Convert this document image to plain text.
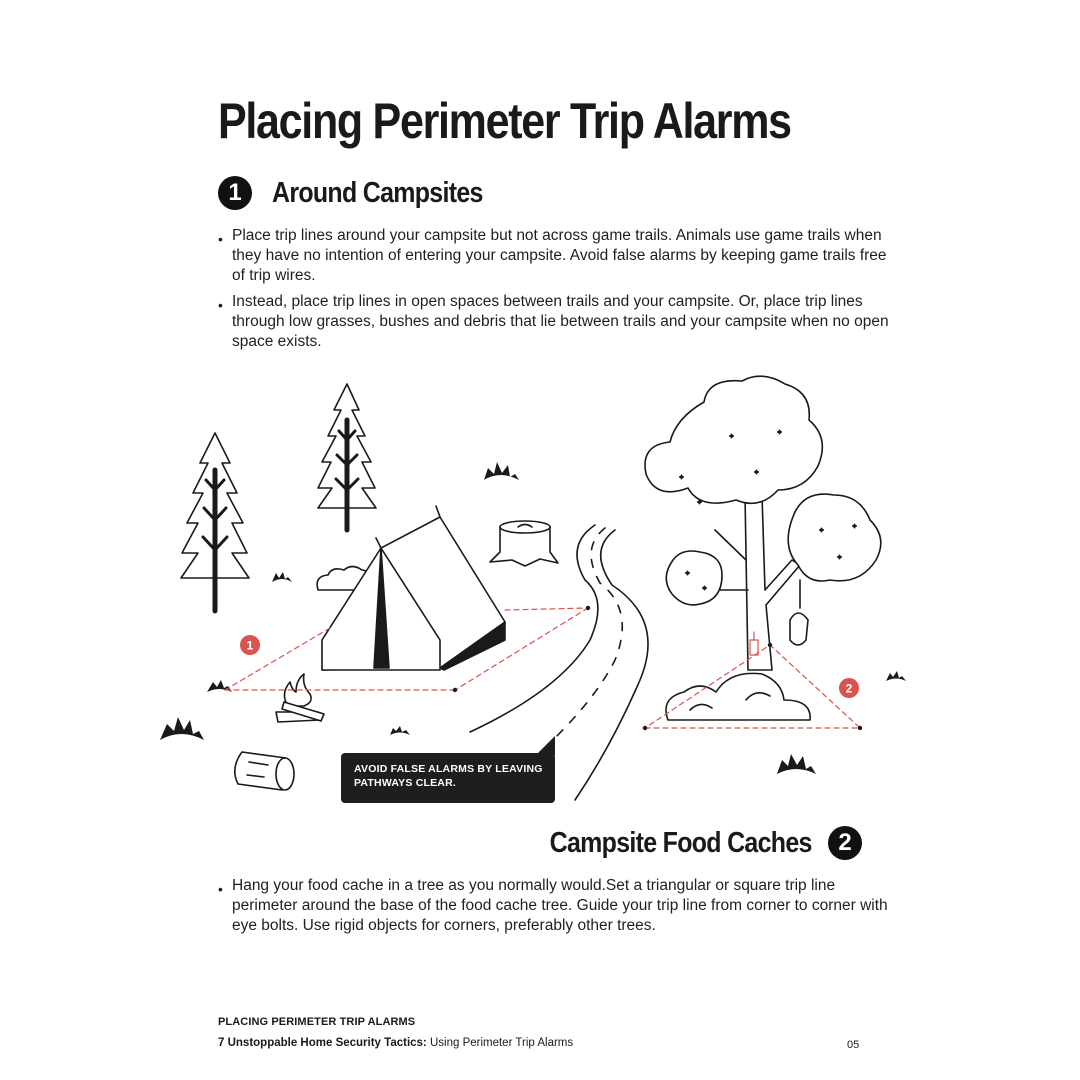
Placing Perimeter Trip Alarms
1	Around Campsites
• Place trip lines around your campsite but not across game trails. Animals use game trails when they have no intention of entering your campsite. Avoid false alarms by keeping game trails free of trip wires.
• Instead, place trip lines in open spaces between trails and your campsite. Or, place trip lines through low grasses, bushes and debris that lie between trails and your campsite when no open space exists.
1
2
AVOID FALSE ALARMS BY LEAVING PATHWAYS CLEAR.
Campsite Food Caches	2
• Hang your food cache in a tree as you normally would.Set a triangular or square trip line perimeter around the base of the food cache tree. Guide your trip line from corner to corner with eye bolts. Use rigid objects for corners, preferably other trees.
PLACING PERIMETER TRIP ALARMS
7 Unstoppable Home Security Tactics: Using Perimeter Trip Alarms	05
